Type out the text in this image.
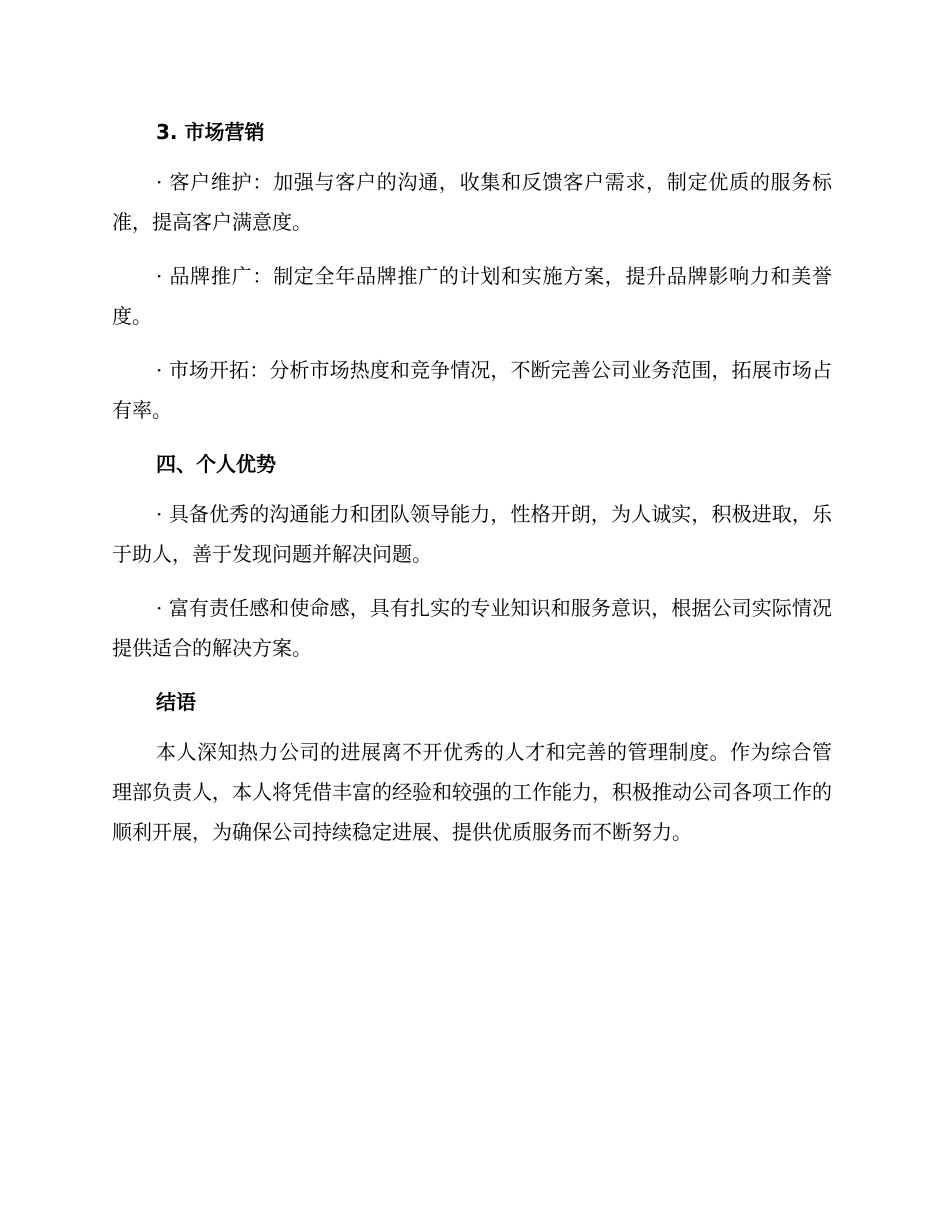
3. 市场营销

· 客户维护：加强与客户的沟通，收集和反馈客户需求，制定优质的服务标准，提高客户满意度。

· 品牌推广：制定全年品牌推广的计划和实施方案，提升品牌影响力和美誉度。

· 市场开拓：分析市场热度和竞争情况，不断完善公司业务范围，拓展市场占有率。

四、个人优势

· 具备优秀的沟通能力和团队领导能力，性格开朗，为人诚实，积极进取，乐于助人，善于发现问题并解决问题。

· 富有责任感和使命感，具有扎实的专业知识和服务意识，根据公司实际情况提供适合的解决方案。

结语

本人深知热力公司的进展离不开优秀的人才和完善的管理制度。作为综合管理部负责人，本人将凭借丰富的经验和较强的工作能力，积极推动公司各项工作的顺利开展，为确保公司持续稳定进展、提供优质服务而不断努力。
